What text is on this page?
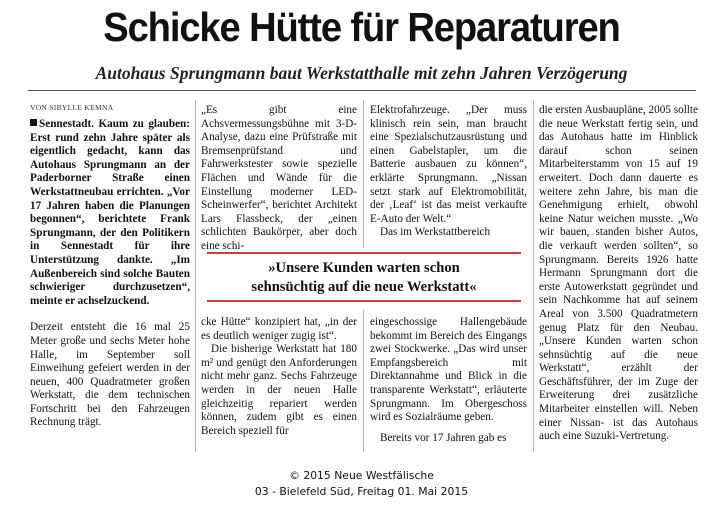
Schicke Hütte für Reparaturen
Autohaus Sprungmann baut Werkstatthalle mit zehn Jahren Verzögerung
VON SIBYLLE KEMNA

Sennestadt. Kaum zu glauben: Erst rund zehn Jahre später als eigentlich gedacht, kann das Autohaus Sprungmann an der Paderborner Straße einen Werkstattneubau errichten. „Vor 17 Jahren haben die Planungen begonnen“, berichtete Frank Sprungmann, der den Politikern in Sennestadt für ihre Unterstützung dankte. „Im Außenbereich sind solche Bauten schwieriger durchzusetzen“, meinte er achselzuckend.

Derzeit entsteht die 16 mal 25 Meter große und sechs Meter hohe Halle, im September soll Einweihung gefeiert werden in der neuen, 400 Quadratmeter großen Werkstatt, die dem technischen Fortschritt bei den Fahrzeugen Rechnung trägt.

„Es gibt eine Achsvermessungsbühne mit 3-D-Analyse, dazu eine Prüfstraße mit Bremsenprüfstand und Fahrwerkstester sowie spezielle Flächen und Wände für die Einstellung moderner LED-Scheinwerfer“, berichtet Architekt Lars Flassbeck, der „einen schlichten Baukörper, aber doch eine schi-

»Unsere Kunden warten schon
sehnsüchtig auf die neue Werkstatt«

cke Hütte“ konzipiert hat, „in der es deutlich weniger zugig ist“.

Die bisherige Werkstatt hat 180 m² und genügt den Anforderungen nicht mehr ganz. Sechs Fahrzeuge werden in der neuen Halle gleichzeitig repariert werden können, zudem gibt es einen Bereich speziell für

Elektrofahrzeuge. „Der muss klinisch rein sein, man braucht eine Spezialschutzausrüstung und einen Gabelstapler, um die Batterie ausbauen zu können“, erklärte Sprungmann. „Nissan setzt stark auf Elektromobilität, der ‚Leaf‘ ist das meist verkaufte E-Auto der Welt.“

Das im Werkstattbereich

eingeschossige Hallengebäude bekommt im Bereich des Eingangs zwei Stockwerke. „Das wird unser Empfangsbereich mit Direktannahme und Blick in die transparente Werkstatt“, erläuterte Sprungmann. Im Obergeschoss wird es Sozialräume geben.

Bereits vor 17 Jahren gab es

die ersten Ausbaupläne, 2005 sollte die neue Werkstatt fertig sein, und das Autohaus hatte im Hinblick darauf schon seinen Mitarbeiterstamm von 15 auf 19 erweitert. Doch dann dauerte es weitere zehn Jahre, bis man die Genehmigung erhielt, obwohl keine Natur weichen musste. „Wo wir bauen, standen bisher Autos, die verkauft werden sollten“, so Sprungmann. Bereits 1926 hatte Hermann Sprungmann dort die erste Autowerkstatt gegründet und sein Nachkomme hat auf seinem Areal von 3.500 Quadratmetern genug Platz für den Neubau. „Unsere Kunden warten schon sehnsüchtig auf die neue Werkstatt“, erzählt der Geschäftsführer, der im Zuge der Erweiterung drei zusätzliche Mitarbeiter einstellen will. Neben einer Nissan- ist das Autohaus auch eine Suzuki-Vertretung.

© 2015 Neue Westfälische
03 - Bielefeld Süd, Freitag 01. Mai 2015
